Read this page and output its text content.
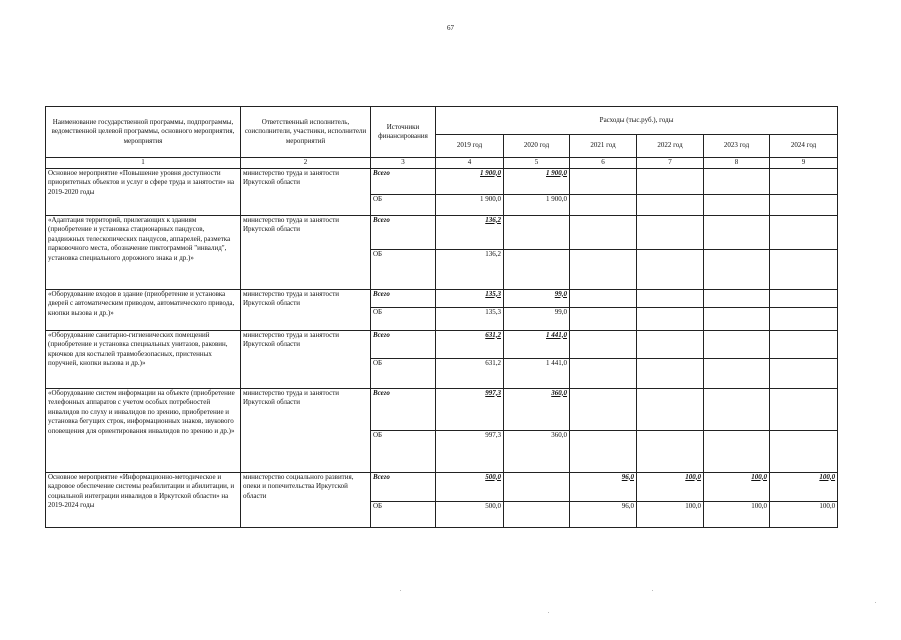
67
Наименование государственной программы, подпрограммы, ведомственной целевой программы, основного мероприятия, мероприятия	Ответственный исполнитель, соисполнители, участники, исполнители мероприятий	Источники финансирования	Расходы (тыс.руб.), годы					
			2019 год	2020 год	2021 год	2022 год	2023 год	2024 год
1	2	3	4	5	6	7	8	9
Основное мероприятие «Повышение уровня доступности приоритетных объектов и услуг в сфере труда и занятости» на 2019-2020 годы	министерство труда и занятости Иркутской области	Всего	1 900,0	1 900,0				
		ОБ	1 900,0	1 900,0				
«Адаптация территорий, прилегающих к зданиям (приобретение и установка стационарных пандусов, раздвижных телескопических пандусов, аппарелей, разметка парковочного места, обозначение пиктограммой "инвалид", установка специального дорожного знака и др.)»	министерство труда и занятости Иркутской области	Всего	136,2					
		ОБ	136,2					
«Оборудование входов в здание (приобретение и установка дверей с автоматическим приводом, автоматического привода, кнопки вызова и др.)»	министерство труда и занятости Иркутской области	Всего	135,3	99,0				
		ОБ	135,3	99,0				
«Оборудование санитарно-гигиенических помещений (приобретение и установка специальных унитазов, раковин, крючков для костылей травмобезопасных, пристенных поручней, кнопки вызова и др.)»	министерство труда и занятости Иркутской области	Всего	631,2	1 441,0				
		ОБ	631,2	1 441,0				
«Оборудование систем информации на объекте (приобретение телефонных аппаратов с учетом особых потребностей инвалидов по слуху и инвалидов по зрению, приобретение и установка бегущих строк, информационных знаков, звукового оповещения для ориентирования инвалидов по зрению и др.)»	министерство труда и занятости Иркутской области	Всего	997,3	360,0				
		ОБ	997,3	360,0				
Основное мероприятие «Информационно-методическое и кадровое обеспечение системы реабилитации и абилитации, и социальной интеграции инвалидов в Иркутской области» на 2019-2024 годы	министерство социального развития, опеки и попечительства Иркутской области	Всего	500,0		96,0	100,0	100,0	100,0
		ОБ	500,0		96,0	100,0	100,0	100,0
